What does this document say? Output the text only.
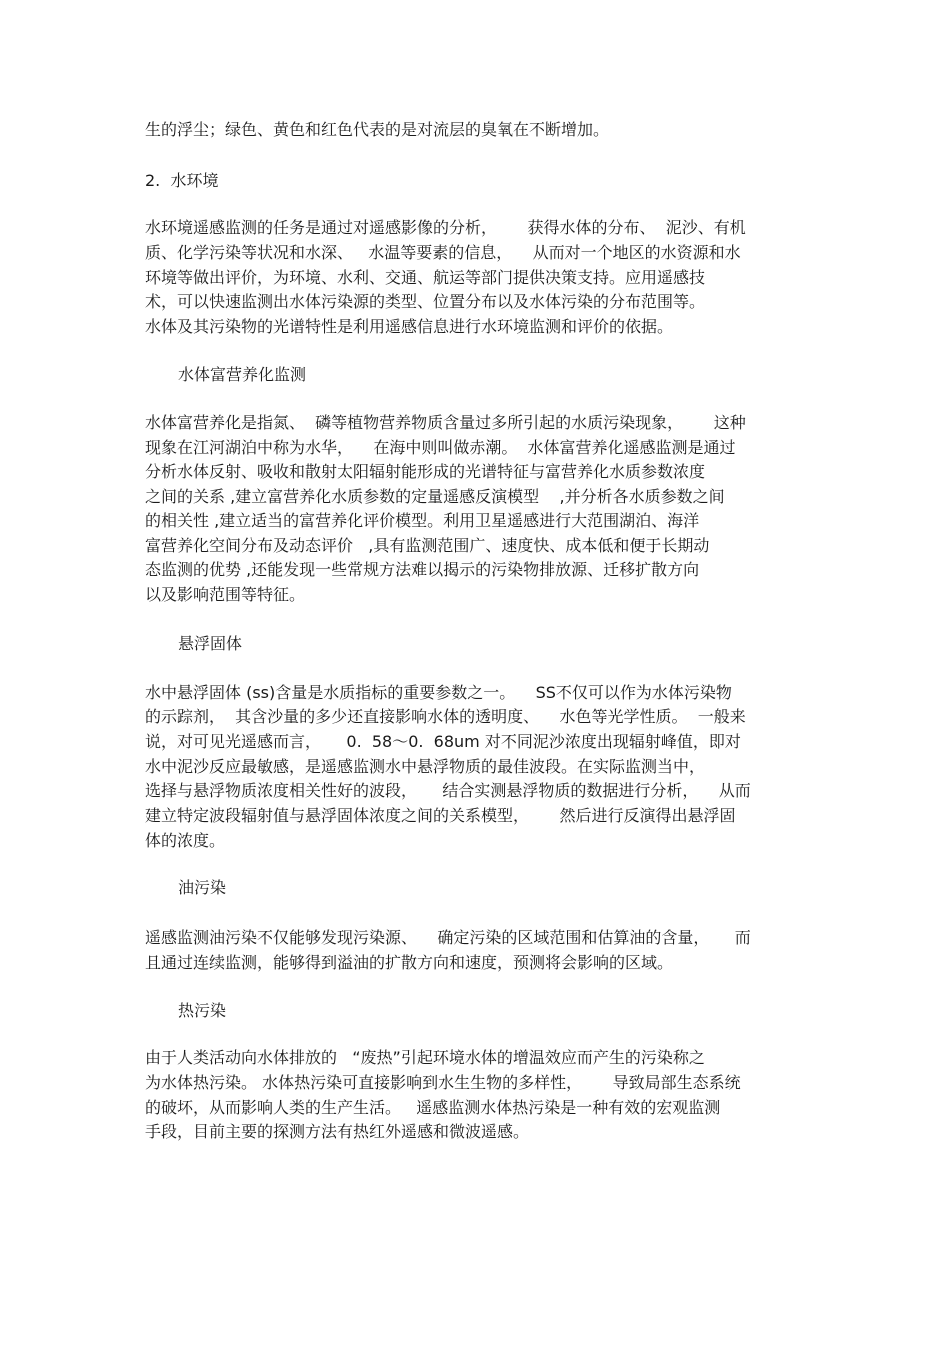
生的浮尘；绿色、黄色和红色代表的是对流层的臭氧在不断增加。

2.  水环境

水环境遥感监测的任务是通过对遥感影像的分析，      获得水体的分布、  泥沙、有机

质、化学污染等状况和水深、   水温等要素的信息，    从而对一个地区的水资源和水

环境等做出评价，为环境、水利、交通、航运等部门提供决策支持。应用遥感技

术，可以快速监测出水体污染源的类型、位置分布以及水体污染的分布范围等。

水体及其污染物的光谱特性是利用遥感信息进行水环境监测和评价的依据。

水体富营养化监测

水体富营养化是指氮、  磷等植物营养物质含量过多所引起的水质污染现象，      这种

现象在江河湖泊中称为水华，    在海中则叫做赤潮。  水体富营养化遥感监测是通过

分析水体反射、吸收和散射太阳辐射能形成的光谱特征与富营养化水质参数浓度

之间的关系 ,建立富营养化水质参数的定量遥感反演模型    ,并分析各水质参数之间

的相关性 ,建立适当的富营养化评价模型。利用卫星遥感进行大范围湖泊、海洋

富营养化空间分布及动态评价   ,具有监测范围广、速度快、成本低和便于长期动

态监测的优势 ,还能发现一些常规方法难以揭示的污染物排放源、迁移扩散方向

以及影响范围等特征。

悬浮固体

水中悬浮固体 (ss)含量是水质指标的重要参数之一。    SS不仅可以作为水体污染物

的示踪剂，  其含沙量的多少还直接影响水体的透明度、    水色等光学性质。  一般来

说，对可见光遥感而言，     0.  58～0.  68um 对不同泥沙浓度出现辐射峰值，即对

水中泥沙反应最敏感，是遥感监测水中悬浮物质的最佳波段。在实际监测当中，

选择与悬浮物质浓度相关性好的波段，     结合实测悬浮物质的数据进行分析，    从而

建立特定波段辐射值与悬浮固体浓度之间的关系模型，      然后进行反演得出悬浮固

体的浓度。

油污染

遥感监测油污染不仅能够发现污染源、    确定污染的区域范围和估算油的含量，     而

且通过连续监测，能够得到溢油的扩散方向和速度，预测将会影响的区域。

热污染

由于人类活动向水体排放的   “废热”引起环境水体的增温效应而产生的污染称之

为水体热污染。 水体热污染可直接影响到水生生物的多样性，      导致局部生态系统

的破坏，从而影响人类的生产生活。   遥感监测水体热污染是一种有效的宏观监测

手段，目前主要的探测方法有热红外遥感和微波遥感。
